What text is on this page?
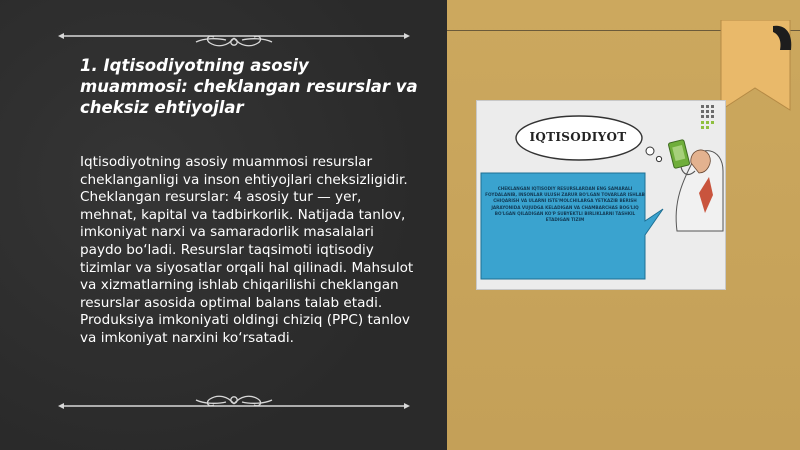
1. Iqtisodiyotning asosiy muammosi: cheklangan resurslar va cheksiz ehtiyojlar

Iqtisodiyotning asosiy muammosi resurslar cheklanganligi va inson ehtiyojlari cheksizligidir. Cheklangan resurslar: 4 asosiy tur — yer, mehnat, kapital va tadbirkorlik. Natijada tanlov, imkoniyat narxi va samaradorlik masalalari paydo bo‘ladi. Resurslar taqsimoti iqtisodiy tizimlar va siyosatlar orqali hal qilinadi. Mahsulot va xizmatlarning ishlab chiqarilishi cheklangan resurslar asosida optimal balans talab etadi. Produksiya imkoniyati oldingi chiziq (PPC) tanlov va imkoniyat narxini ko‘rsatadi.

IQTISODIYOT
CHEKLANGAN IQTISODIY RESURSLARDAN ENG SAMARALI FOYDALANIB, INSONLAR ULUSH ZARUR BO'LGAN TOVARLAR ISHLAB CHIQARISH VA ULARNI ISTE'MOLCHILARGA YETKAZIB BERISH JARAYONIDA VUJUDGA KELADIGAN VA CHAMBARCHAS BOG'LIQ BO'LGAN QILADIGAN KO'P SUBYEKTLI BIRLIKLARNI TASHKIL ETADIGAN TIZIM
